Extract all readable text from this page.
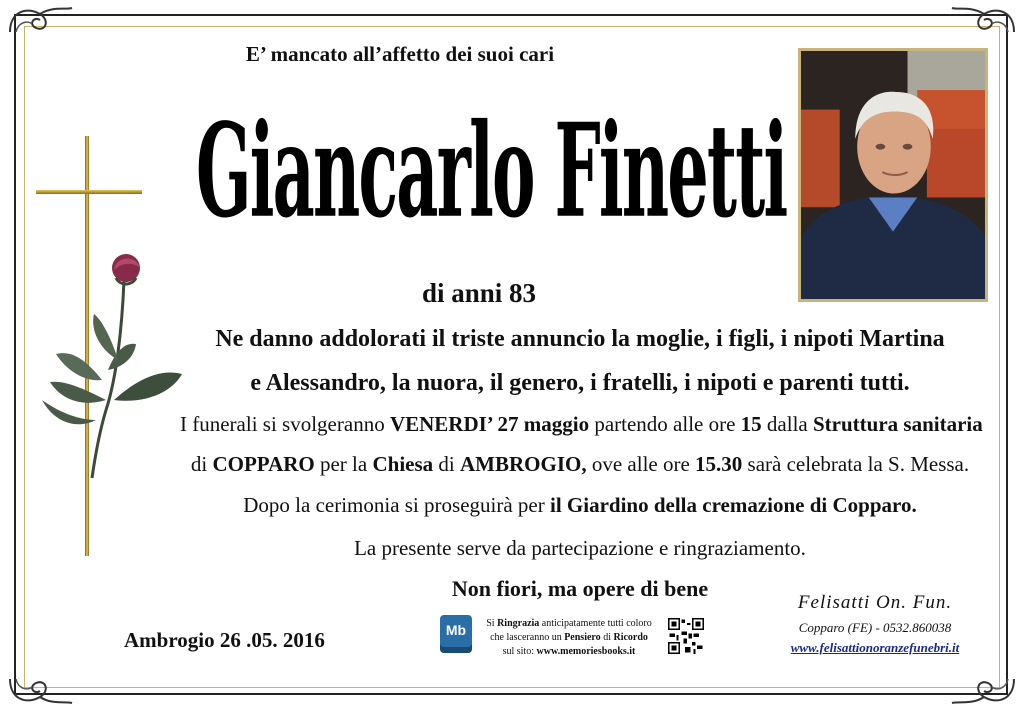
E’ mancato all’affetto dei suoi cari
Giancarlo Finetti
di anni 83
Ne danno addolorati il triste annuncio la moglie, i figli, i nipoti Martina
e Alessandro, la nuora, il genero, i fratelli, i nipoti e parenti tutti.
I funerali si svolgeranno VENERDI’ 27 maggio partendo alle ore 15 dalla Struttura sanitaria
di COPPARO per la Chiesa di AMBROGIO, ove alle ore 15.30 sarà celebrata la S. Messa.
Dopo la cerimonia si proseguirà per il Giardino della cremazione di Copparo.
La presente serve da partecipazione e ringraziamento.
Non fiori, ma opere di bene
Ambrogio 26 .05. 2016	Mb	Si Ringrazia anticipatamente tutti coloro
che lasceranno un Pensiero di Ricordo
sul sito: www.memoriesbooks.it
Felisatti On. Fun.
Copparo (FE) - 0532.860038
www.felisattionoranzefunebri.it
